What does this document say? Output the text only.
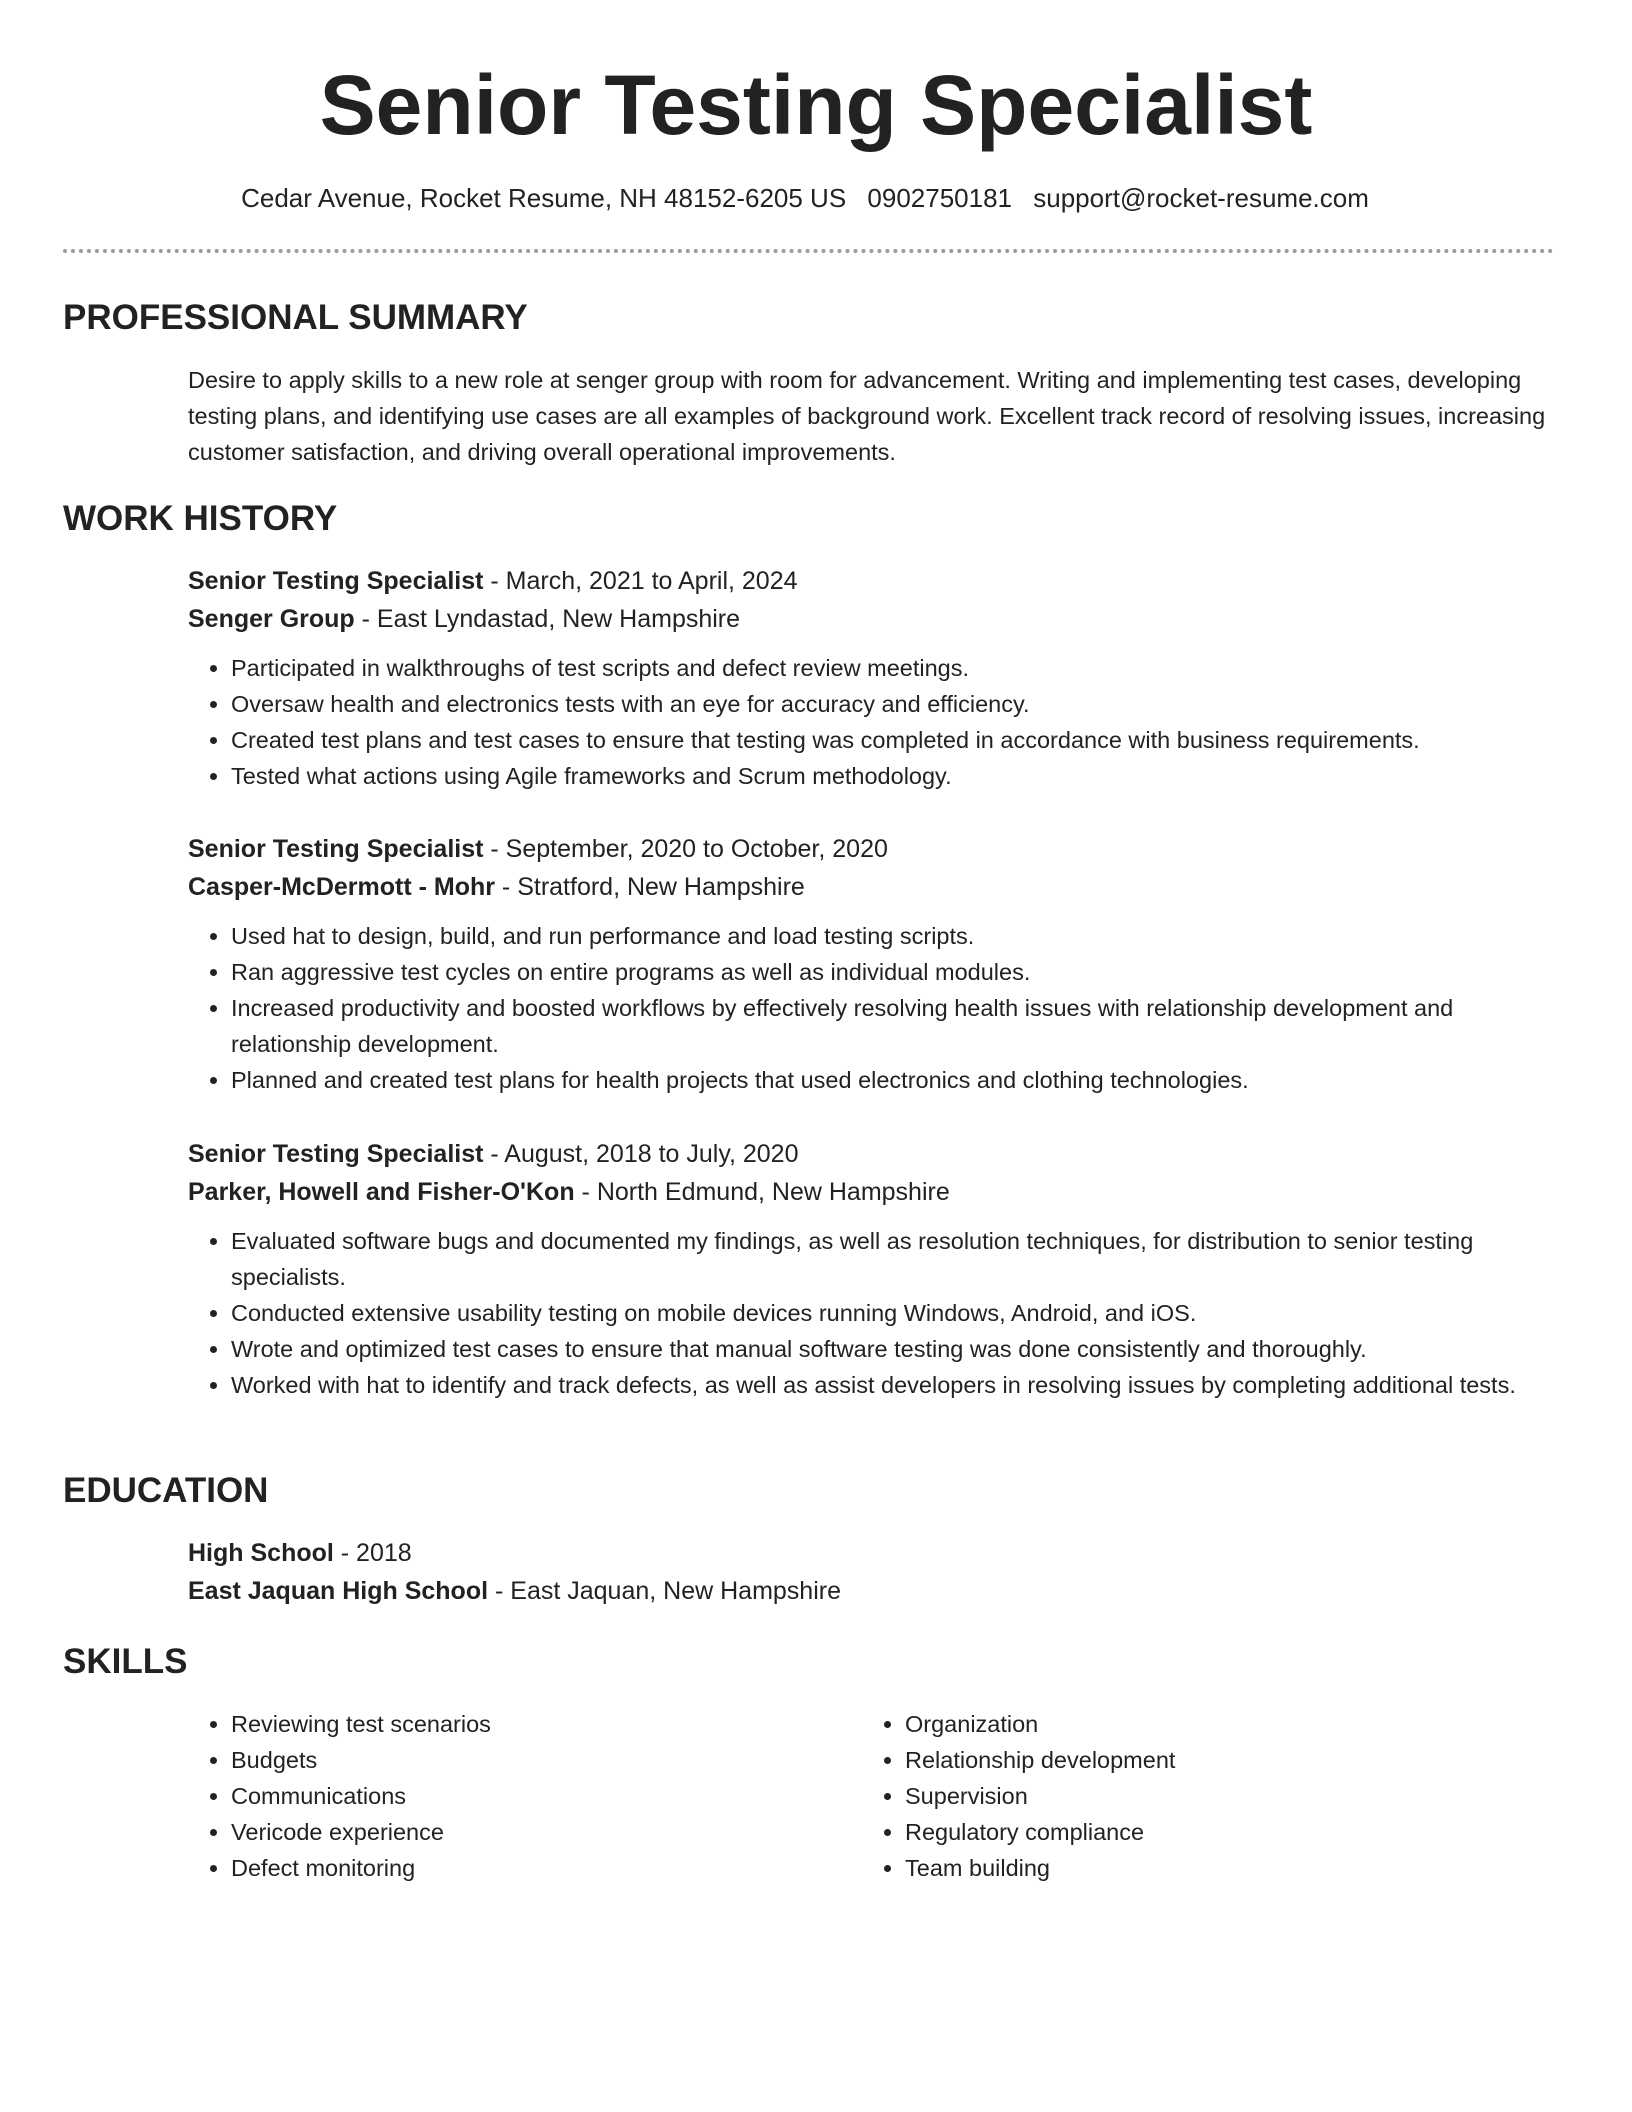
Senior Testing Specialist
Cedar Avenue, Rocket Resume, NH 48152-6205 US 0902750181 support@rocket-resume.com
PROFESSIONAL SUMMARY

Desire to apply skills to a new role at senger group with room for advancement. Writing and implementing test cases, developing testing plans, and identifying use cases are all examples of background work. Excellent track record of resolving issues, increasing customer satisfaction, and driving overall operational improvements.

WORK HISTORY

Senior Testing Specialist - March, 2021 to April, 2024

Senger Group - East Lyndastad, New Hampshire

• Participated in walkthroughs of test scripts and defect review meetings.
• Oversaw health and electronics tests with an eye for accuracy and efficiency.
• Created test plans and test cases to ensure that testing was completed in accordance with business requirements.
• Tested what actions using Agile frameworks and Scrum methodology.

Senior Testing Specialist - September, 2020 to October, 2020

Casper-McDermott - Mohr - Stratford, New Hampshire

• Used hat to design, build, and run performance and load testing scripts.
• Ran aggressive test cycles on entire programs as well as individual modules.
• Increased productivity and boosted workflows by effectively resolving health issues with relationship development and relationship development.
• Planned and created test plans for health projects that used electronics and clothing technologies.

Senior Testing Specialist - August, 2018 to July, 2020

Parker, Howell and Fisher-O'Kon - North Edmund, New Hampshire

• Evaluated software bugs and documented my findings, as well as resolution techniques, for distribution to senior testing specialists.
• Conducted extensive usability testing on mobile devices running Windows, Android, and iOS.
• Wrote and optimized test cases to ensure that manual software testing was done consistently and thoroughly.
• Worked with hat to identify and track defects, as well as assist developers in resolving issues by completing additional tests.
EDUCATION

High School - 2018

East Jaquan High School - East Jaquan, New Hampshire

SKILLS
• Reviewing test scenarios
• Budgets
• Communications
• Vericode experience
• Defect monitoring
• Organization
• Relationship development
• Supervision
• Regulatory compliance
• Team building
